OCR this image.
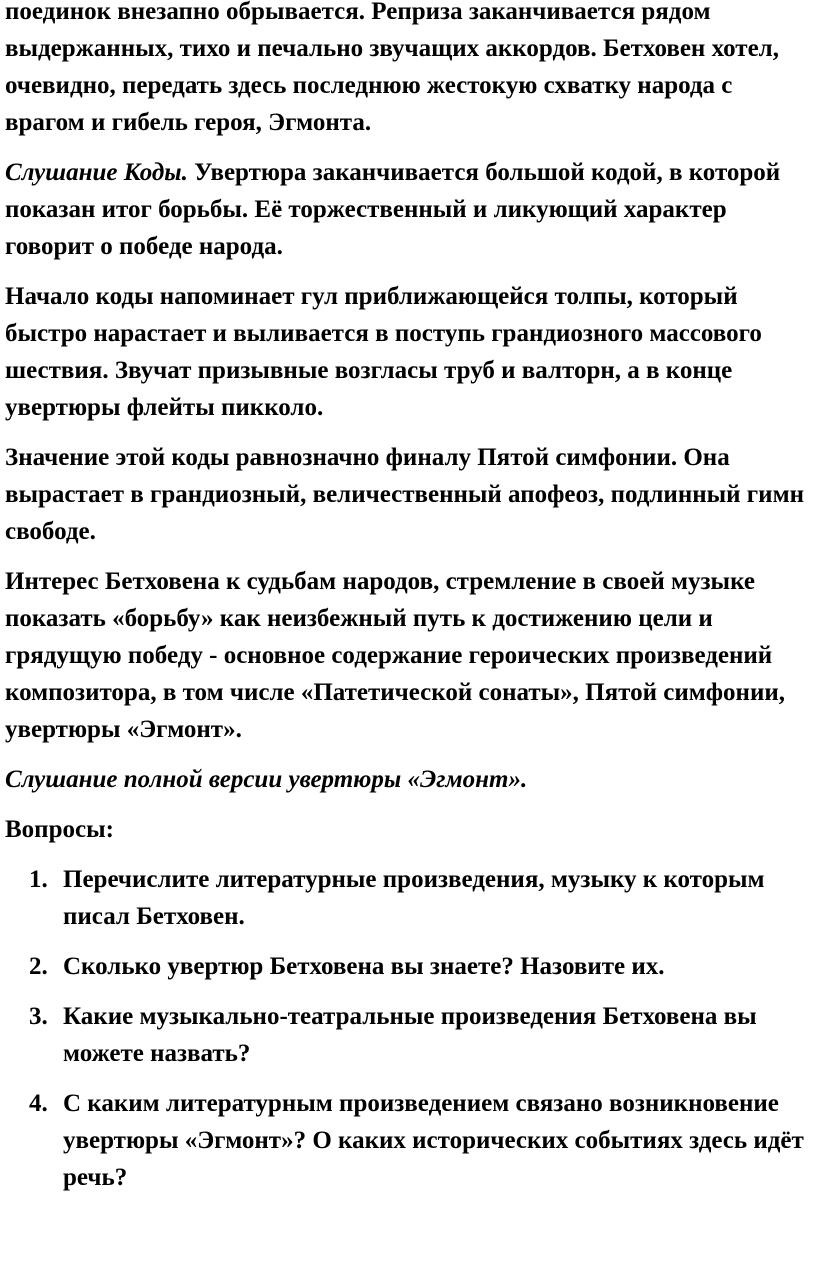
поединок внезапно обрывается. Реприза заканчивается рядом выдержанных, тихо и печально звучащих аккордов. Бетховен хотел, очевидно, передать здесь последнюю жестокую схватку народа с врагом и гибель героя, Эгмонта.

Слушание Коды. Увертюра заканчивается большой кодой, в которой показан итог борьбы. Её торжественный и ликующий характер говорит о победе народа.

Начало коды напоминает гул приближающейся толпы, который быстро нарастает и выливается в поступь грандиозного массового шествия. Звучат призывные возгласы труб и валторн, а в конце увертюры флейты пикколо.

Значение этой коды равнозначно финалу Пятой симфонии. Она вырастает в грандиозный, величественный апофеоз, подлинный гимн свободе.

Интерес Бетховена к судьбам народов, стремление в своей музыке показать «борьбу» как неизбежный путь к достижению цели и грядущую победу - основное содержание героических произведений композитора, в том числе «Патетической сонаты», Пятой симфонии, увертюры «Эгмонт».

Слушание полной версии увертюры «Эгмонт».

Вопросы:

1. Перечислите литературные произведения, музыку к которым писал Бетховен.
2. Сколько увертюр Бетховена вы знаете? Назовите их.
3. Какие музыкально-театральные произведения Бетховена вы можете назвать?
4. С каким литературным произведением связано возникновение увертюры «Эгмонт»? О каких исторических событиях здесь идёт речь?
